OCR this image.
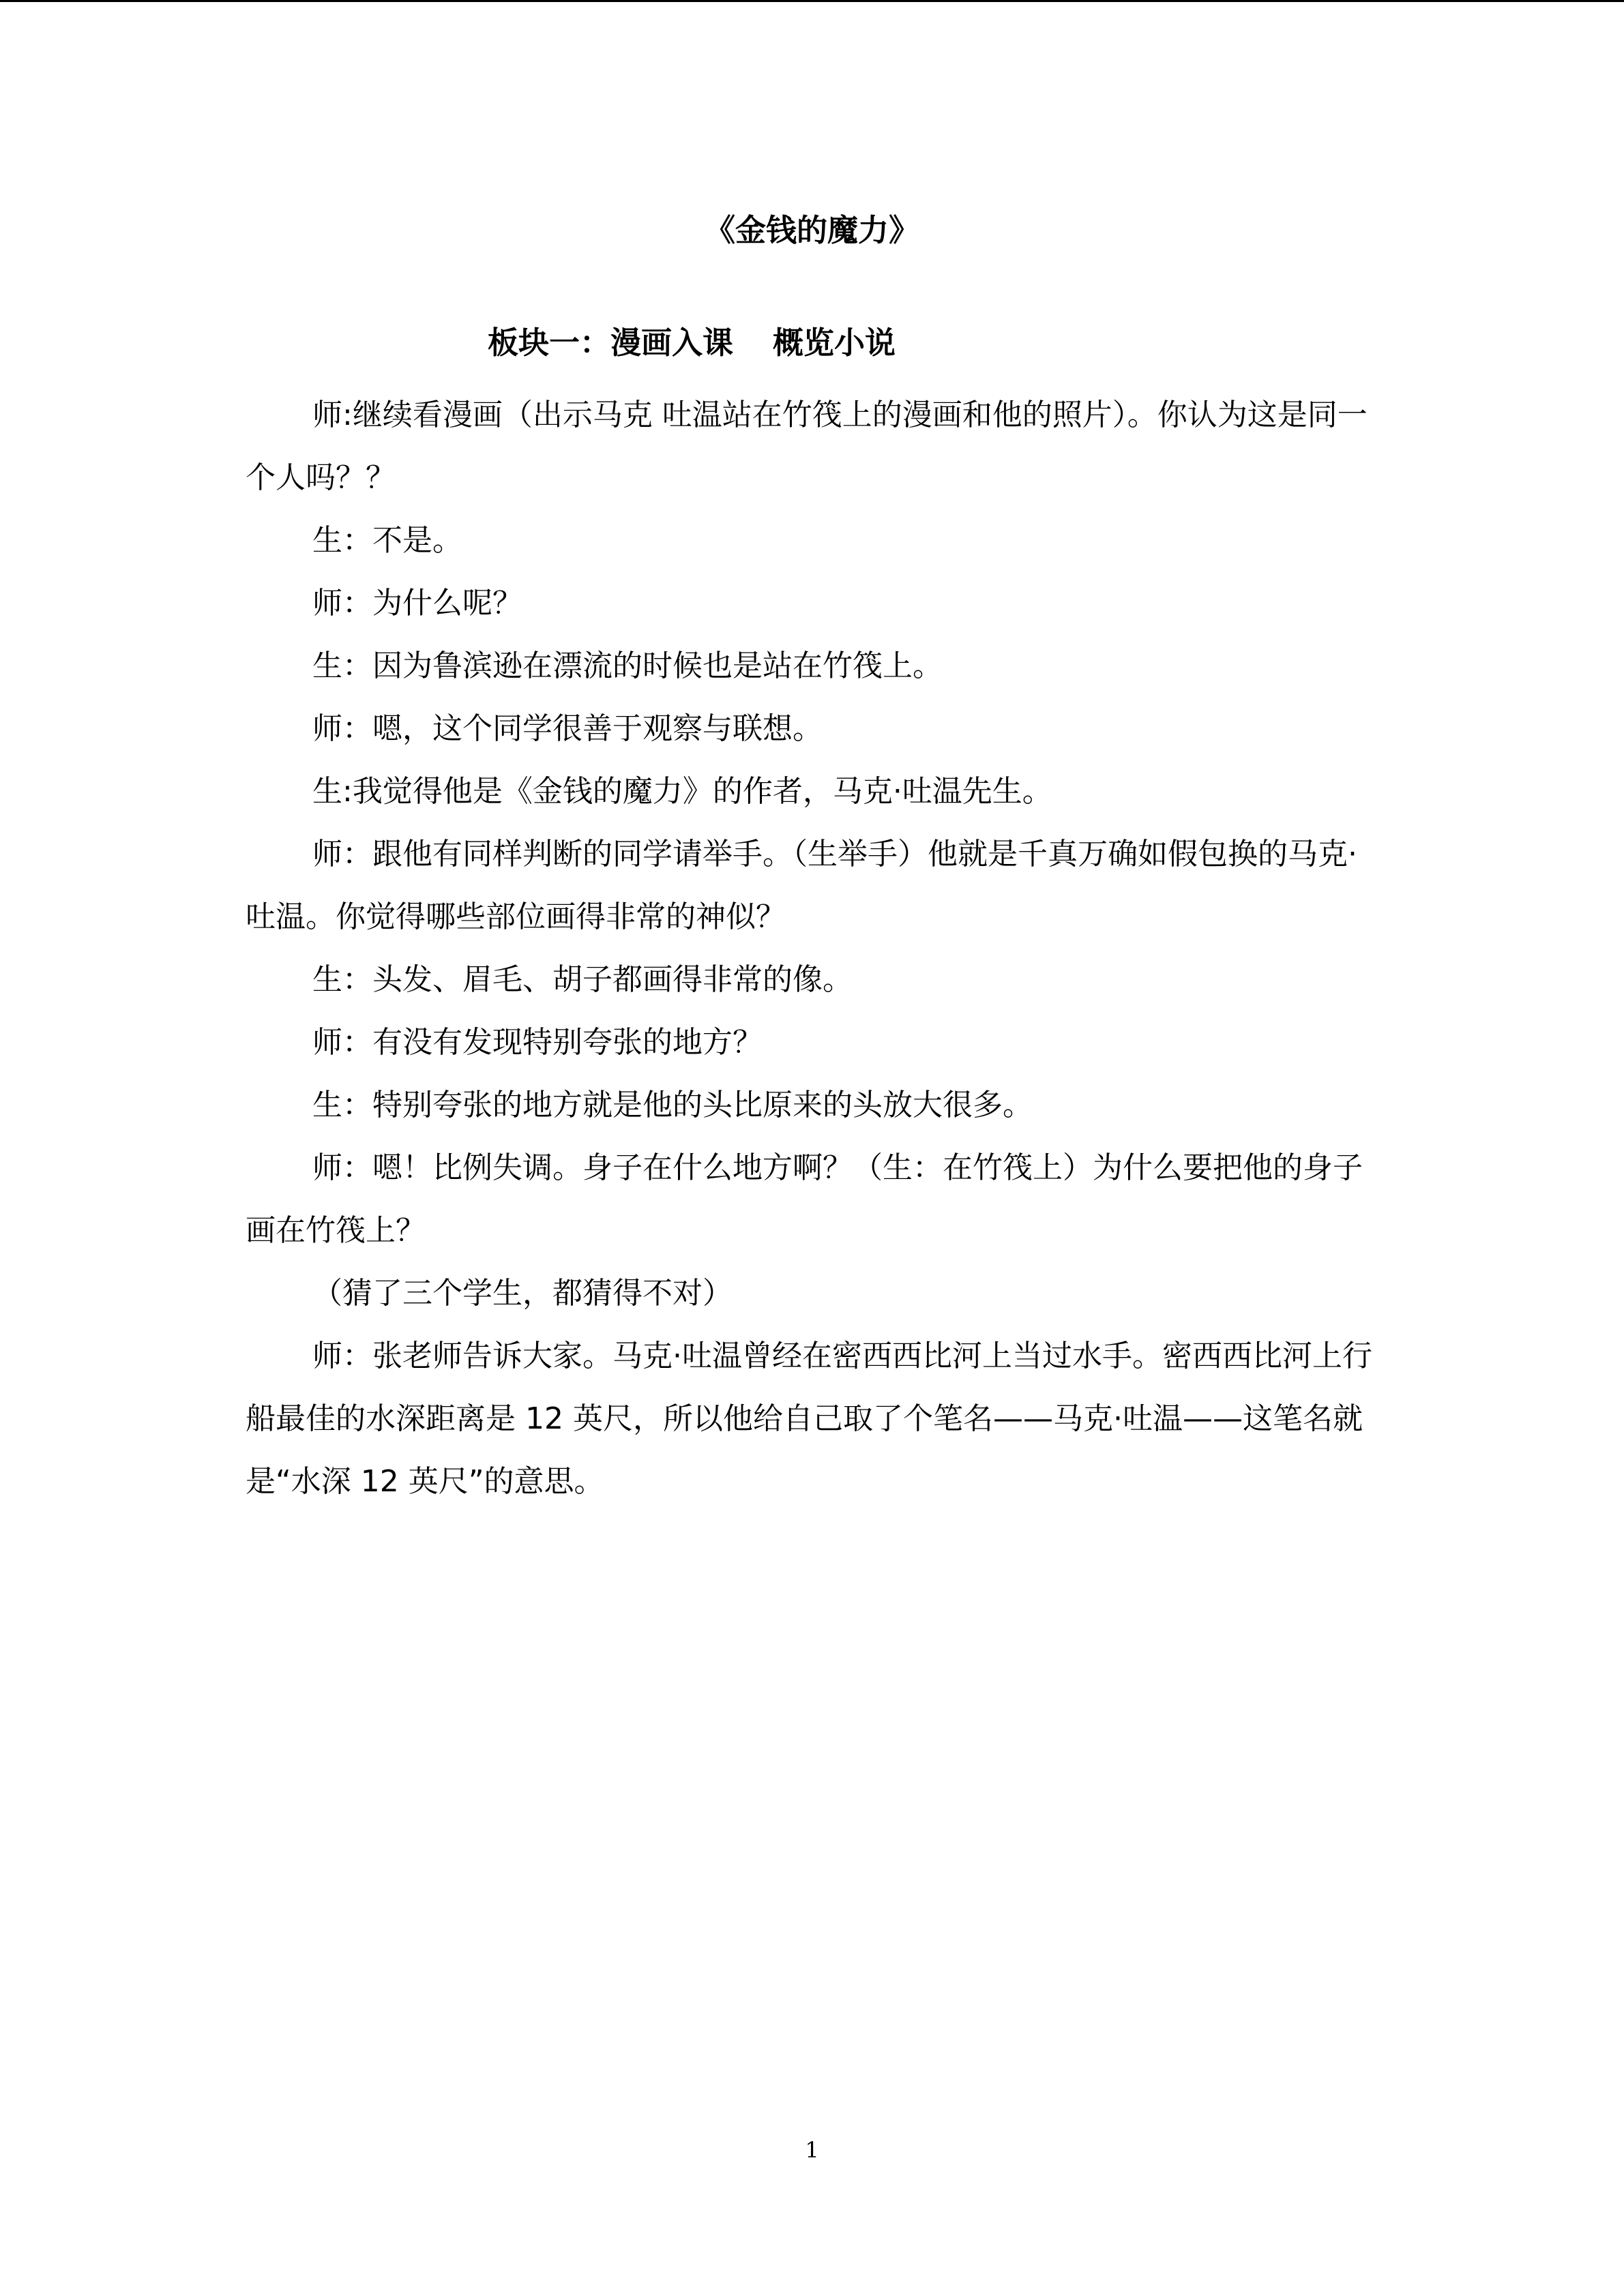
《金钱的魔力》
板块一：漫画入课 概览小说

师:继续看漫画（出示马克 吐温站在竹筏上的漫画和他的照片）。你认为这是同一个人吗？？

生：不是。

师：为什么呢？

生：因为鲁滨逊在漂流的时候也是站在竹筏上。

师：嗯，这个同学很善于观察与联想。

生:我觉得他是《金钱的魔力》的作者，马克·吐温先生。

师：跟他有同样判断的同学请举手。（生举手）他就是千真万确如假包换的马克·吐温。你觉得哪些部位画得非常的神似？

生：头发、眉毛、胡子都画得非常的像。

师：有没有发现特别夸张的地方？

生：特别夸张的地方就是他的头比原来的头放大很多。

师：嗯！比例失调。身子在什么地方啊？（生：在竹筏上）为什么要把他的身子画在竹筏上？

（猜了三个学生，都猜得不对）

师：张老师告诉大家。马克·吐温曾经在密西西比河上当过水手。密西西比河上行船最佳的水深距离是 12 英尺，所以他给自己取了个笔名——马克·吐温——这笔名就是“水深 12 英尺”的意思。

1
